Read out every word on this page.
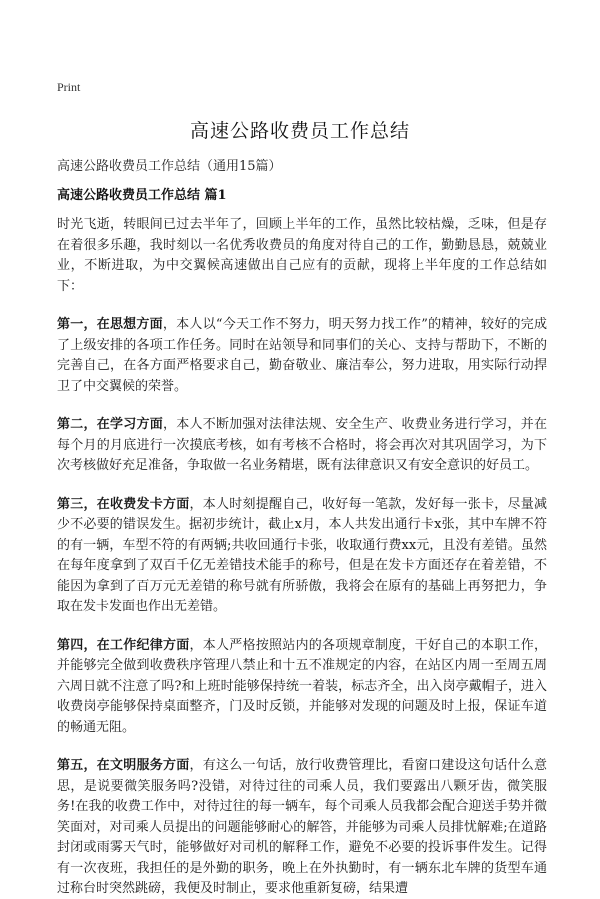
Print
高速公路收费员工作总结
高速公路收费员工作总结（通用15篇）
高速公路收费员工作总结 篇1

时光飞逝，转眼间已过去半年了，回顾上半年的工作，虽然比较枯燥，乏味，但是存在着很多乐趣，我时刻以一名优秀收费员的角度对待自己的工作，勤勤恳恳，兢兢业业，不断进取，为中交翼候高速做出自己应有的贡献，现将上半年度的工作总结如下：

第一，在思想方面，本人以“今天工作不努力，明天努力找工作”的精神，较好的完成了上级安排的各项工作任务。同时在站领导和同事们的关心、支持与帮助下，不断的完善自己，在各方面严格要求自己，勤奋敬业、廉洁奉公，努力进取，用实际行动捍卫了中交翼候的荣誉。

第二，在学习方面，本人不断加强对法律法规、安全生产、收费业务进行学习，并在每个月的月底进行一次摸底考核，如有考核不合格时，将会再次对其巩固学习，为下次考核做好充足准备，争取做一名业务精堪，既有法律意识又有安全意识的好员工。

第三，在收费发卡方面，本人时刻提醒自己，收好每一笔款，发好每一张卡，尽量减少不必要的错误发生。据初步统计，截止x月，本人共发出通行卡x张，其中车牌不符的有一辆，车型不符的有两辆;共收回通行卡张，收取通行费xx元，且没有差错。虽然在每年度拿到了双百千亿无差错技术能手的称号，但是在发卡方面还存在着差错，不能因为拿到了百万元无差错的称号就有所骄傲，我将会在原有的基础上再努把力，争取在发卡发面也作出无差错。

第四，在工作纪律方面，本人严格按照站内的各项规章制度，干好自己的本职工作，并能够完全做到收费秩序管理八禁止和十五不准规定的内容，在站区内周一至周五周六周日就不注意了吗?和上班时能够保持统一着装，标志齐全，出入岗亭戴帽子，进入收费岗亭能够保持桌面整齐，门及时反锁，并能够对发现的问题及时上报，保证车道的畅通无阻。

第五，在文明服务方面，有这么一句话，放行收费管理比，看窗口建设这句话什么意思，是说要微笑服务吗?没错，对待过往的司乘人员，我们要露出八颗牙齿，微笑服务!在我的收费工作中，对待过往的每一辆车，每个司乘人员我都会配合迎送手势并微笑面对，对司乘人员提出的问题能够耐心的解答，并能够为司乘人员排忧解难;在道路封闭或雨雾天气时，能够做好对司机的解释工作，避免不必要的投诉事件发生。记得有一次夜班，我担任的是外勤的职务，晚上在外执勤时，有一辆东北车牌的货型车通过称台时突然跳磅，我便及时制止，要求他重新复磅，结果遭
